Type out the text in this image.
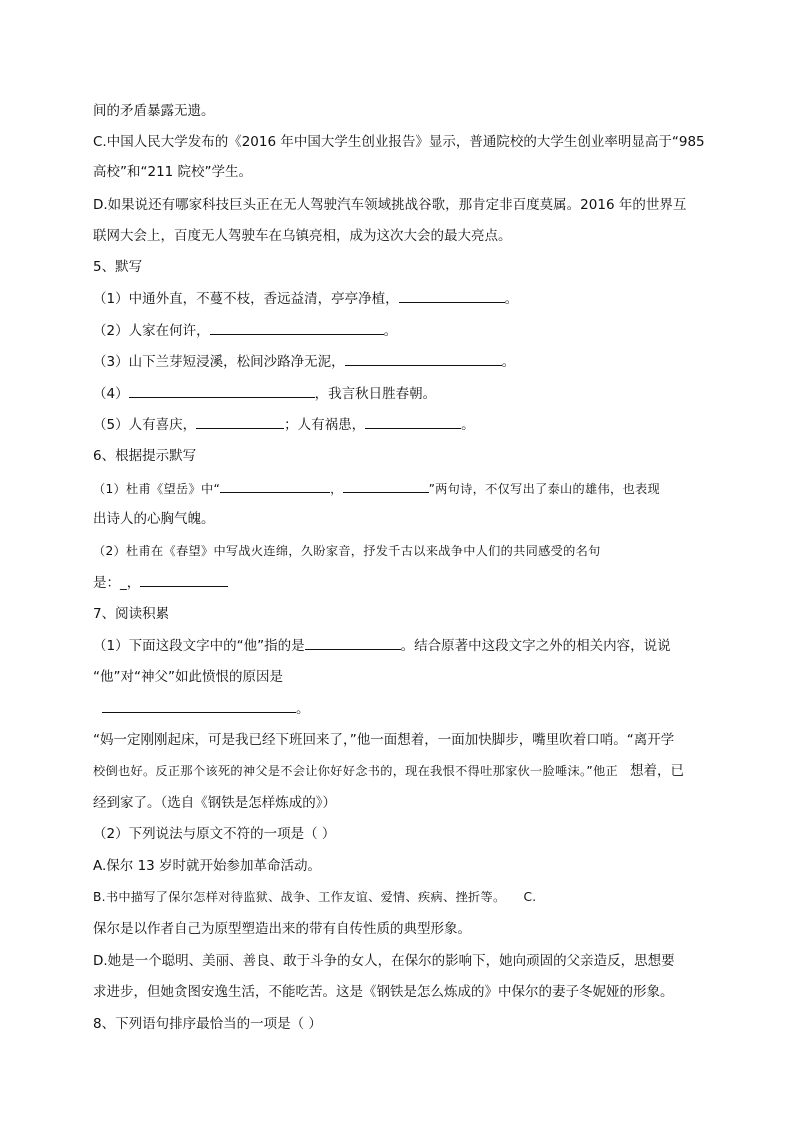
间的矛盾暴露无遗。
C.中国人民大学发布的《2016 年中国大学生创业报告》显示，普通院校的大学生创业率明显高于“985
高校”和“211 院校”学生。
D.如果说还有哪家科技巨头正在无人驾驶汽车领域挑战谷歌，那肯定非百度莫属。2016 年的世界互
联网大会上，百度无人驾驶车在乌镇亮相，成为这次大会的最大亮点。
5、默写
（1）中通外直，不蔓不枝，香远益清，亭亭净植，	。
（2）人家在何许，	。
（3）山下兰芽短浸溪，松间沙路净无泥，	。
（4）	，我言秋日胜春朝。
（5）人有喜庆，	；人有祸患，	。
6、根据提示默写
（1）杜甫《望岳》中“	，	”两句诗，不仅写出了泰山的雄伟，也表现
出诗人的心胸气魄。
（2）杜甫在《春望》中写战火连绵，久盼家音，抒发千古以来战争中人们的共同感受的名句
是：_，
7、阅读积累
（1）下面这段文字中的“他”指的是	。结合原著中这段文字之外的相关内容，说说
“他”对“神父”如此愤恨的原因是
。
“妈一定刚刚起床，可是我已经下班回来了，”他一面想着，一面加快脚步，嘴里吹着口哨。“离开学
校倒也好。反正那个该死的神父是不会让你好好念书的，现在我恨不得吐那家伙一脸唾沫。”他正 想着，已
经到家了。（选自《钢铁是怎样炼成的》）
（2）下列说法与原文不符的一项是（ ）
A.保尔 13 岁时就开始参加革命活动。
B.书中描写了保尔怎样对待监狱、战争、工作友谊、爱情、疾病、挫折等。 C.
保尔是以作者自己为原型塑造出来的带有自传性质的典型形象。
D.她是一个聪明、美丽、善良、敢于斗争的女人，在保尔的影响下，她向顽固的父亲造反，思想要
求进步，但她贪图安逸生活，不能吃苦。这是《钢铁是怎么炼成的》中保尔的妻子冬妮娅的形象。
8、下列语句排序最恰当的一项是（ ）
